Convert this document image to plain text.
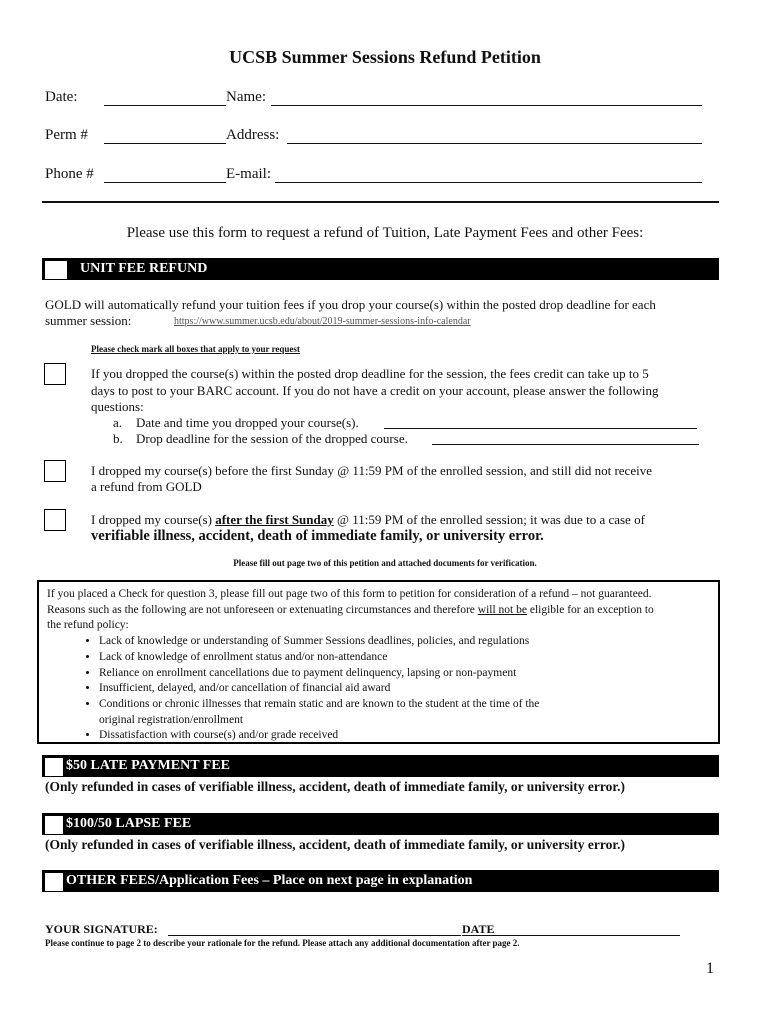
UCSB Summer Sessions Refund Petition
Date:	Name:
Perm #	Address:
Phone #	E-mail:
Please use this form to request a refund of Tuition, Late Payment Fees and other Fees:
UNIT FEE REFUND
GOLD will automatically refund your tuition fees if you drop your course(s) within the posted drop deadline for each
summer session:	https://www.summer.ucsb.edu/about/2019-summer-sessions-info-calendar
Please check mark all boxes that apply to your request
If you dropped the course(s) within the posted drop deadline for the session, the fees credit can take up to 5
days to post to your BARC account. If you do not have a credit on your account, please answer the following
questions:
a. Date and time you dropped your course(s).
b. Drop deadline for the session of the dropped course.
I dropped my course(s) before the first Sunday @ 11:59 PM of the enrolled session, and still did not receive
a refund from GOLD
I dropped my course(s) after the first Sunday @ 11:59 PM of the enrolled session; it was due to a case of
verifiable illness, accident, death of immediate family, or university error.
Please fill out page two of this petition and attached documents for verification.

If you placed a Check for question 3, please fill out page two of this form to petition for consideration of a refund – not guaranteed.

Reasons such as the following are not unforeseen or extenuating circumstances and therefore will not be eligible for an exception to

the refund policy:

• Lack of knowledge or understanding of Summer Sessions deadlines, policies, and regulations
• Lack of knowledge of enrollment status and/or non-attendance
• Reliance on enrollment cancellations due to payment delinquency, lapsing or non-payment
• Insufficient, delayed, and/or cancellation of financial aid award
• Conditions or chronic illnesses that remain static and are known to the student at the time of the original registration/enrollment
• Dissatisfaction with course(s) and/or grade received
$50 LATE PAYMENT FEE
(Only refunded in cases of verifiable illness, accident, death of immediate family, or university error.)
$100/50 LAPSE FEE
(Only refunded in cases of verifiable illness, accident, death of immediate family, or university error.)
OTHER FEES/Application Fees – Place on next page in explanation
YOUR SIGNATURE:	DATE
Please continue to page 2 to describe your rationale for the refund. Please attach any additional documentation after page 2.
1
